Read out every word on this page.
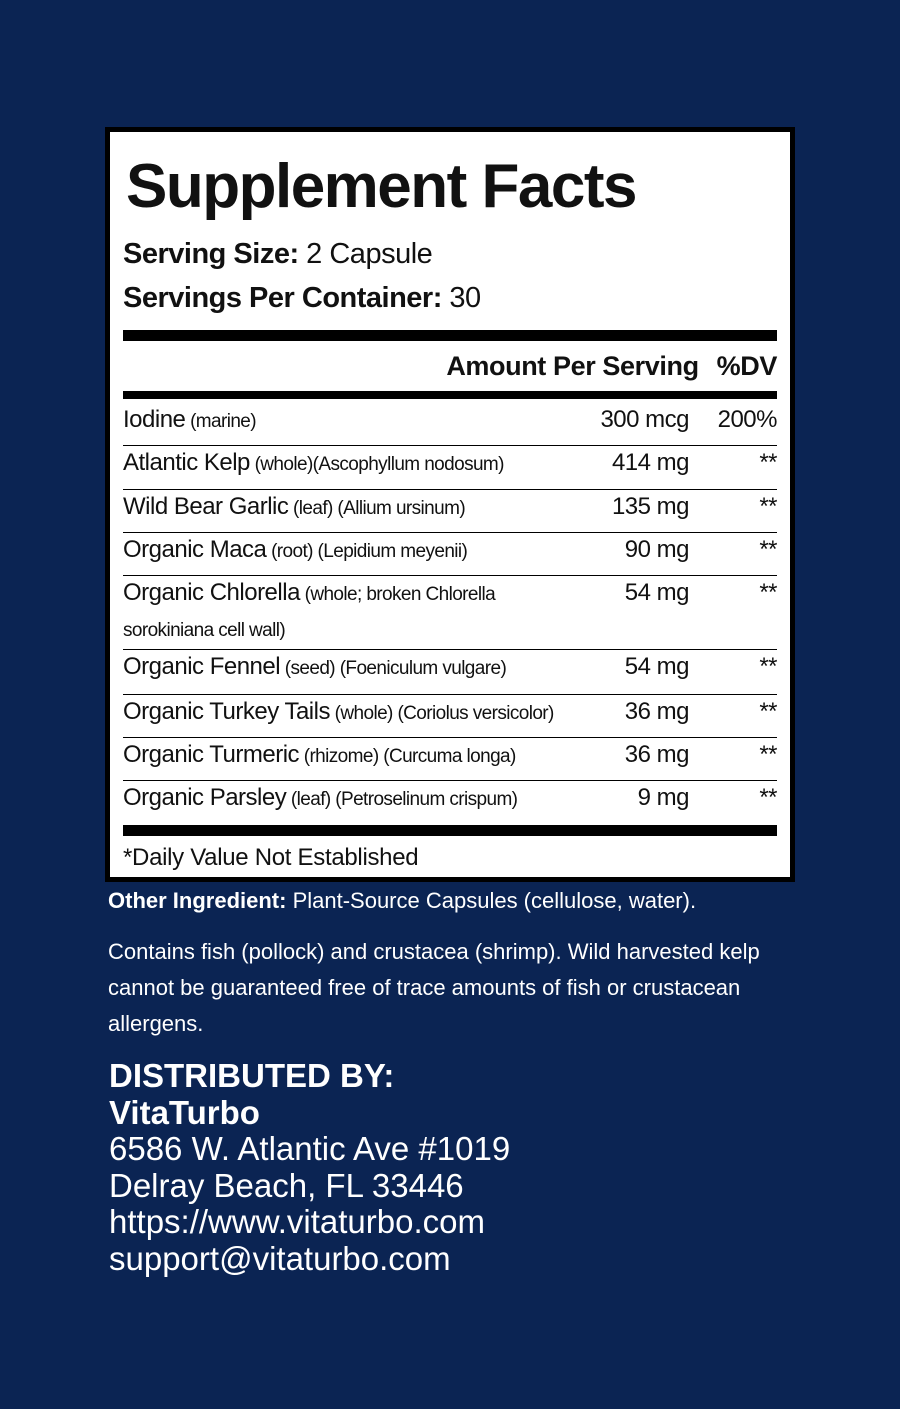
Supplement Facts
Serving Size: 2 Capsule
Servings Per Container: 30
Amount Per Serving %DV
Iodine (marine)	300 mcg	200%
Atlantic Kelp (whole)(Ascophyllum nodosum)	414 mg	**
Wild Bear Garlic (leaf) (Allium ursinum)	135 mg	**
Organic Maca (root) (Lepidium meyenii)	90 mg	**
Organic Chlorella (whole; broken Chlorella sorokiniana cell wall)
54 mg	**
Organic Fennel (seed) (Foeniculum vulgare)	54 mg	**
Organic Turkey Tails (whole) (Coriolus versicolor)	36 mg	**
Organic Turmeric (rhizome) (Curcuma longa)	36 mg	**
Organic Parsley (leaf) (Petroselinum crispum)	9 mg	**
*Daily Value Not Established
Other Ingredient: Plant-Source Capsules (cellulose, water).
Contains fish (pollock) and crustacea (shrimp). Wild harvested kelp cannot be guaranteed free of trace amounts of fish or crustacean allergens.
DISTRIBUTED BY:
VitaTurbo
6586 W. Atlantic Ave #1019
Delray Beach, FL 33446
https://www.vitaturbo.com
support@vitaturbo.com
